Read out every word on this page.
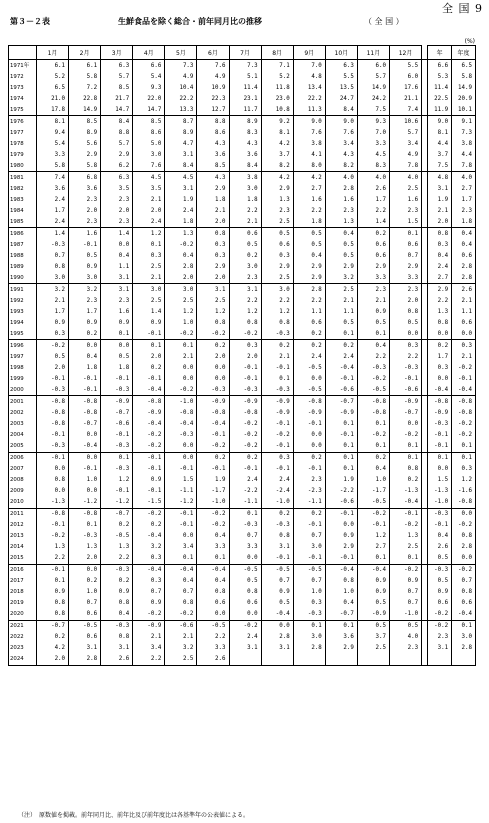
全 国 9
第３－２表	生鮮食品を除く総合・前年同月比の推移	（ 全 国 ）
(%)
	1月	2月	3月	4月	5月	6月	7月	8月	9月	10月	11月	12月		年	年度
1971年	6.1	6.1	6.3	6.6	7.3	7.6	7.3	7.1	7.0	6.3	6.0	5.5		6.6	6.5
1972	5.2	5.8	5.7	5.4	4.9	4.9	5.1	5.2	4.8	5.5	5.7	6.0		5.3	5.8
1973	6.5	7.2	8.5	9.3	10.4	10.9	11.4	11.8	13.4	13.5	14.9	17.6		11.4	14.9
1974	21.0	22.8	21.7	22.0	22.2	22.3	23.1	23.0	22.2	24.7	24.2	21.1		22.5	20.9
1975	17.8	14.9	14.7	14.7	13.3	12.7	11.7	10.8	11.3	8.4	7.5	7.4		11.9	10.1
1976	8.1	8.5	8.4	8.5	8.7	8.8	8.9	9.2	9.0	9.0	9.3	10.6		9.0	9.1
1977	9.4	8.9	8.8	8.6	8.9	8.6	8.3	8.1	7.6	7.6	7.0	5.7		8.1	7.3
1978	5.4	5.6	5.7	5.0	4.7	4.3	4.3	4.2	3.8	3.4	3.3	3.4		4.4	3.8
1979	3.3	2.9	2.9	3.0	3.1	3.6	3.6	3.7	4.1	4.3	4.5	4.9		3.7	4.4
1980	5.8	5.8	6.2	7.6	8.4	8.5	8.4	8.2	8.0	8.2	8.3	7.8		7.5	7.8
1981	7.4	6.8	6.3	4.5	4.5	4.3	3.8	4.2	4.2	4.0	4.0	4.0		4.8	4.0
1982	3.6	3.6	3.5	3.5	3.1	2.9	3.0	2.9	2.7	2.8	2.6	2.5		3.1	2.7
1983	2.4	2.3	2.3	2.1	1.9	1.8	1.8	1.3	1.6	1.6	1.7	1.6		1.9	1.7
1984	1.7	2.0	2.0	2.0	2.4	2.1	2.2	2.3	2.2	2.3	2.2	2.3		2.1	2.3
1985	2.4	2.3	2.3	2.4	1.8	2.0	2.1	2.5	1.8	1.3	1.4	1.5		2.0	1.8
1986	1.4	1.6	1.4	1.2	1.3	0.8	0.6	0.5	0.5	0.4	0.2	0.1		0.8	0.4
1987	-0.3	-0.1	0.0	0.1	-0.2	0.3	0.5	0.6	0.5	0.5	0.6	0.6		0.3	0.4
1988	0.7	0.5	0.4	0.3	0.4	0.3	0.2	0.3	0.4	0.5	0.6	0.7		0.4	0.6
1989	0.8	0.9	1.1	2.5	2.8	2.9	3.0	2.9	2.9	2.9	2.9	2.9		2.4	2.8
1990	3.0	3.0	3.1	2.1	2.0	2.0	2.3	2.5	2.9	3.2	3.3	3.3		2.7	2.8
1991	3.2	3.2	3.1	3.0	3.0	3.1	3.1	3.0	2.8	2.5	2.3	2.3		2.9	2.6
1992	2.1	2.3	2.3	2.5	2.5	2.5	2.2	2.2	2.2	2.1	2.1	2.0		2.2	2.1
1993	1.7	1.7	1.6	1.4	1.2	1.2	1.2	1.2	1.1	1.1	0.9	0.8		1.3	1.1
1994	0.9	0.9	0.9	0.9	1.0	0.8	0.8	0.8	0.6	0.5	0.5	0.5		0.8	0.6
1995	0.3	0.2	0.1	-0.1	-0.2	-0.2	-0.2	-0.3	0.2	0.1	0.1	0.0		0.0	0.0
1996	-0.2	0.0	0.0	0.1	0.1	0.2	0.3	0.2	0.2	0.2	0.4	0.3		0.2	0.3
1997	0.5	0.4	0.5	2.0	2.1	2.0	2.0	2.1	2.4	2.4	2.2	2.2		1.7	2.1
1998	2.0	1.8	1.8	0.2	0.0	0.0	-0.1	-0.1	-0.5	-0.4	-0.3	-0.3		0.3	-0.2
1999	-0.1	-0.1	-0.1	-0.1	0.0	0.0	-0.1	0.1	0.0	-0.1	-0.2	-0.1		0.0	-0.1
2000	-0.3	-0.1	-0.3	-0.4	-0.2	-0.3	-0.3	-0.3	-0.5	-0.6	-0.5	-0.6		-0.4	-0.4
2001	-0.8	-0.8	-0.9	-0.8	-1.0	-0.9	-0.9	-0.9	-0.8	-0.7	-0.8	-0.9		-0.8	-0.8
2002	-0.8	-0.8	-0.7	-0.9	-0.8	-0.8	-0.8	-0.9	-0.9	-0.9	-0.8	-0.7		-0.9	-0.8
2003	-0.8	-0.7	-0.6	-0.4	-0.4	-0.4	-0.2	-0.1	-0.1	0.1	0.1	0.0		-0.3	-0.2
2004	-0.1	0.0	-0.1	-0.2	-0.3	-0.1	-0.2	-0.2	0.0	-0.1	-0.2	-0.2		-0.1	-0.2
2005	-0.3	-0.4	-0.3	-0.2	0.0	-0.2	-0.2	-0.1	0.0	0.1	0.1	0.1		-0.1	0.1
2006	-0.1	0.0	0.1	-0.1	0.0	0.2	0.2	0.3	0.2	0.1	0.2	0.1		0.1	0.1
2007	0.0	-0.1	-0.3	-0.1	-0.1	-0.1	-0.1	-0.1	-0.1	0.1	0.4	0.8		0.0	0.3
2008	0.8	1.0	1.2	0.9	1.5	1.9	2.4	2.4	2.3	1.9	1.0	0.2		1.5	1.2
2009	0.0	0.0	-0.1	-0.1	-1.1	-1.7	-2.2	-2.4	-2.3	-2.2	-1.7	-1.3		-1.3	-1.6
2010	-1.3	-1.2	-1.2	-1.5	-1.2	-1.0	-1.1	-1.0	-1.1	-0.6	-0.5	-0.4		-1.0	-0.8
2011	-0.8	-0.8	-0.7	-0.2	-0.1	-0.2	0.1	0.2	0.2	-0.1	-0.2	-0.1		-0.3	0.0
2012	-0.1	0.1	0.2	0.2	-0.1	-0.2	-0.3	-0.3	-0.1	0.0	-0.1	-0.2		-0.1	-0.2
2013	-0.2	-0.3	-0.5	-0.4	0.0	0.4	0.7	0.8	0.7	0.9	1.2	1.3		0.4	0.8
2014	1.3	1.3	1.3	3.2	3.4	3.3	3.3	3.1	3.0	2.9	2.7	2.5		2.6	2.8
2015	2.2	2.0	2.2	0.3	0.1	0.1	0.0	-0.1	-0.1	-0.1	0.1	0.1		0.5	0.0
2016	-0.1	0.0	-0.3	-0.4	-0.4	-0.4	-0.5	-0.5	-0.5	-0.4	-0.4	-0.2		-0.3	-0.2
2017	0.1	0.2	0.2	0.3	0.4	0.4	0.5	0.7	0.7	0.8	0.9	0.9		0.5	0.7
2018	0.9	1.0	0.9	0.7	0.7	0.8	0.8	0.9	1.0	1.0	0.9	0.7		0.9	0.8
2019	0.8	0.7	0.8	0.9	0.8	0.6	0.6	0.5	0.3	0.4	0.5	0.7		0.6	0.6
2020	0.8	0.6	0.4	-0.2	-0.2	0.0	0.0	-0.4	-0.3	-0.7	-0.9	-1.0		-0.2	-0.4
2021	-0.7	-0.5	-0.3	-0.9	-0.6	-0.5	-0.2	0.0	0.1	0.1	0.5	0.5		-0.2	0.1
2022	0.2	0.6	0.8	2.1	2.1	2.2	2.4	2.8	3.0	3.6	3.7	4.0		2.3	3.0
2023	4.2	3.1	3.1	3.4	3.2	3.3	3.1	3.1	2.8	2.9	2.5	2.3		3.1	2.8
2024	2.0	2.8	2.6	2.2	2.5	2.6									
（注）　原数値を掲載。前年同月比、前年比及び前年度比は各基準年の公表値による。
